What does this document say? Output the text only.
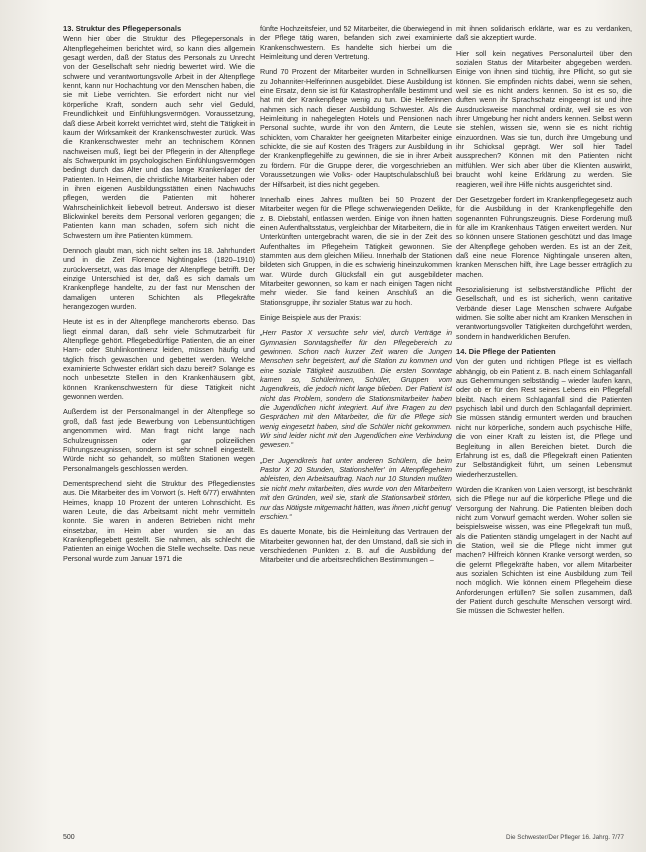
13. Struktur des Pflegepersonals

Wenn hier über die Struktur des Pflegepersonals in Altenpflegeheimen berichtet wird, so kann dies allgemein gesagt werden, daß der Status des Personals zu Unrecht von der Gesellschaft sehr niedrig bewertet wird. Wie die schwere und verantwortungsvolle Arbeit in der Altenpflege kennt, kann nur Hochachtung vor den Menschen haben, die sie mit Liebe verrichten. Sie erfordert nicht nur viel körperliche Kraft, sondern auch sehr viel Geduld, Freundlichkeit und Einfühlungsvermögen. Voraussetzung, daß diese Arbeit korrekt verrichtet wird, steht die Tätigkeit in kaum der Wirksamkeit der Krankenschwester zurück. Was die Krankenschwester mehr an technischem Können nachweisen muß, liegt bei der Pflegerin in der Altenpflege als Schwerpunkt im psychologischen Einfühlungsvermögen bedingt durch das Alter und das lange Krankenlager der Patienten. In Heimen, die christliche Mitarbeiter haben oder in ihren eigenen Ausbildungsstätten einen Nachwuchs pflegen, werden die Patienten mit höherer Wahrscheinlichkeit liebevoll betreut. Anderswo ist dieser Blickwinkel bereits dem Personal verloren gegangen; die Patienten kann man schaden, sofern sich nicht die Schwestern um ihre Patienten kümmern.

Dennoch glaubt man, sich nicht selten ins 18. Jahrhundert und in die Zeit Florence Nightingales (1820–1910) zurückversetzt, was das Image der Altenpflege betrifft. Der einzige Unterschied ist der, daß es sich damals um Krankenpflege handelte, zu der fast nur Menschen der damaligen unteren Schichten als Pflegekräfte herangezogen wurden.

Heute ist es in der Altenpflege mancherorts ebenso. Das liegt einmal daran, daß sehr viele Schmutzarbeit für Altenpflege gehört. Pflegebedürftige Patienten, die an einer Harn- oder Stuhlinkontinenz leiden, müssen häufig und täglich frisch gewaschen und gebettet werden. Welche examinierte Schwester erklärt sich dazu bereit? Solange es noch unbesetzte Stellen in den Krankenhäusern gibt, können Krankenschwestern für diese Tätigkeit nicht gewonnen werden.

Außerdem ist der Personalmangel in der Altenpflege so groß, daß fast jede Bewerbung von Lebensuntüchtigen angenommen wird. Man fragt nicht lange nach Schulzeugnissen oder gar polizeilichen Führungszeugnissen, sondern ist sehr schnell eingestellt. Würde nicht so gehandelt, so müßten Stationen wegen Personalmangels geschlossen werden.

Dementsprechend sieht die Struktur des Pflegedienstes aus. Die Mitarbeiter des im Vorwort (s. Heft 6/77) erwähnten Heimes, knapp 10 Prozent der unteren Lohnschicht. Es waren Leute, die das Arbeitsamt nicht mehr vermitteln konnte. Sie waren in anderen Betrieben nicht mehr einsetzbar, im Heim aber wurden sie an das Krankenpflegebett gestellt. Sie nahmen, als schlecht die Patienten an einige Wochen die Stelle wechselte. Das neue Personal wurde zum Januar 1971 die

fünfte Hochzeitsfeier, und 52 Mitarbeiter, die überwiegend in der Pflege tätig waren, befanden sich zwei examinierte Krankenschwestern. Es handelte sich hierbei um die Heimleitung und deren Vertretung.

Rund 70 Prozent der Mitarbeiter wurden in Schnellkursen zu Johanniter-Helferinnen ausgebildet. Diese Ausbildung ist eine Ersatz, denn sie ist für Katastrophenfälle bestimmt und hat mit der Krankenpflege wenig zu tun. Die Helferinnen nahmen sich nach dieser Ausbildung Schwester. Als die Heimleitung in nahegelegten Hotels und Pensionen nach Personal suchte, wurde ihr von den Ämtern, die Leute schickten, vom Charakter her geeigneten Mitarbeiter einige schickte, die sie auf Kosten des Trägers zur Ausbildung in der Krankenpflegehilfe zu gewinnen, die sie in ihrer Arbeit zu fördern. Für die Gruppe derer, die vorgeschrieben an Voraussetzungen wie Volks- oder Hauptschulabschluß bei der Hilfsarbeit, ist dies nicht gegeben.

Innerhalb eines Jahres mußten bei 50 Prozent der Mitarbeiter wegen für die Pflege schwerwiegenden Delikte, z. B. Diebstahl, entlassen werden. Einige von ihnen hatten einen Aufenthaltsstatus, vergleichbar der Mitarbeitern, die in Unterkünften untergebracht waren, die sie in der Zeit des Aufenthaltes im Pflegeheim Tätigkeit gewonnen. Sie stammten aus dem gleichen Milieu. Innerhalb der Stationen bildeten sich Gruppen, in die es schwierig hineinzukommen war. Würde durch Glücksfall ein gut ausgebildeter Mitarbeiter gewonnen, so kam er nach einigen Tagen nicht mehr wieder. Sie fand keinen Anschluß an die Stationsgruppe, ihr sozialer Status war zu hoch.

Einige Beispiele aus der Praxis:

„Herr Pastor X versuchte sehr viel, durch Verträge in Gymnasien Sonntagshelfer für den Pflegebereich zu gewinnen. Schon nach kurzer Zeit waren die Jungen Menschen sehr begeistert, auf die Station zu kommen und eine soziale Tätigkeit auszuüben. Die ersten Sonntage kamen so, Schülerinnen, Schüler, Gruppen vom Jugendkreis, die jedoch nicht lange blieben. Der Patient ist nicht das Problem, sondern die Stationsmitarbeiter haben die Jugendlichen nicht integriert. Auf ihre Fragen zu den Gesprächen mit den Mitarbeiter, die für die Pflege sich wenig eingesetzt haben, sind die Schüler nicht gekommen. Wir sind leider nicht mit den Jugendlichen eine Verbindung gewesen.“

„Der Jugendkreis hat unter anderen Schülern, die beim Pastor X 20 Stunden, Stationshelfer' im Altenpflegeheim ableisten, den Arbeitsauftrag. Nach nur 10 Stunden mußten sie nicht mehr mitarbeiten, dies wurde von den Mitarbeitern mit den Gründen, weil sie, stark die Stationsarbeit störten, nur das Nötigste mitgemacht hätten, was ihnen ‚nicht genug' erschien.“

Es dauerte Monate, bis die Heimleitung das Vertrauen der Mitarbeiter gewonnen hat, der den Umstand, daß sie sich in verschiedenen Punkten z. B. auf die Ausbildung der Mitarbeiter und die arbeitsrechtlichen Bestimmungen –

mit ihnen solidarisch erklärte, war es zu verdanken, daß sie akzeptiert wurde.

Hier soll kein negatives Personalurteil über den sozialen Status der Mitarbeiter abgegeben werden. Einige von ihnen sind tüchtig, ihre Pflicht, so gut sie können. Sie empfinden nichts dabei, wenn sie sehen, weil sie es nicht anders kennen. So ist es so, die duften wenn ihr Sprachschatz eingeengt ist und ihre Ausdrucksweise manchmal ordinär, weil sie es von ihrer Umgebung her nicht anders kennen. Selbst wenn sie stehlen, wissen sie, wenn sie es nicht richtig einzuordnen. Was sie tun, durch ihre Umgebung und ihr Schicksal geprägt. Wer soll hier Tadel aussprechen? Können mit den Patienten nicht mitfühlen. Wer sich aber über die Klienten auswirkt, braucht wohl keine Erklärung zu werden. Sie reagieren, weil ihre Hilfe nichts ausgerichtet sind.

Der Gesetzgeber fordert im Krankenpflegegesetz auch für die Ausbildung in der Krankenpflegehilfe den sogenannten Führungszeugnis. Diese Forderung muß für alle im Krankenhaus Tätigen erweitert werden. Nur so können unsere Stationen geschützt und das Image der Altenpflege gehoben werden. Es ist an der Zeit, daß eine neue Florence Nightingale unseren alten, kranken Menschen hilft, ihre Lage besser erträglich zu machen.

Resozialisierung ist selbstverständliche Pflicht der Gesellschaft, und es ist sicherlich, wenn caritative Verbände dieser Lage Menschen schwere Aufgabe widmen. Sie sollte aber nicht am Kranken Menschen in verantwortungsvoller Tätigkeiten durchgeführt werden, sondern in handwerklichen Berufen.

14. Die Pflege der Patienten

Von der guten und richtigen Pflege ist es vielfach abhängig, ob ein Patient z. B. nach einem Schlaganfall aus Gehemmungen selbständig – wieder laufen kann, oder ob er für den Rest seines Lebens ein Pflegefall bleibt. Nach einem Schlaganfall sind die Patienten psychisch labil und durch den Schlaganfall deprimiert. Sie müssen ständig ermuntert werden und brauchen nicht nur körperliche, sondern auch psychische Hilfe, die von einer Kraft zu leisten ist, die Pflege und Begleitung in allen Bereichen bietet. Durch die Erfahrung ist es, daß die Pflegekraft einen Patienten zur Selbständigkeit führt, um seinen Lebensmut wiederherzustellen.

Würden die Kranken von Laien versorgt, ist beschränkt sich die Pflege nur auf die körperliche Pflege und die Versorgung der Nahrung. Die Patienten bleiben doch nicht zum Vorwurf gemacht werden. Woher sollen sie beispielsweise wissen, was eine Pflegekraft tun muß, als die Patienten ständig umgelagert in der Nacht auf die Station, weil sie die Pflege nicht immer gut machen? Hilfreich können Kranke versorgt werden, so die gelernt Pflegekräfte haben, vor allem Mitarbeiter aus sozialen Schichten ist eine Ausbildung zum Teil noch möglich. Wie können einem Pflegeheim diese Anforderungen erfüllen? Sie sollen zusammen, daß der Patient durch geschulte Menschen versorgt wird. Sie müssen die Schwester helfen.

500	Die Schwester/Der Pfleger 16. Jahrg. 7/77
